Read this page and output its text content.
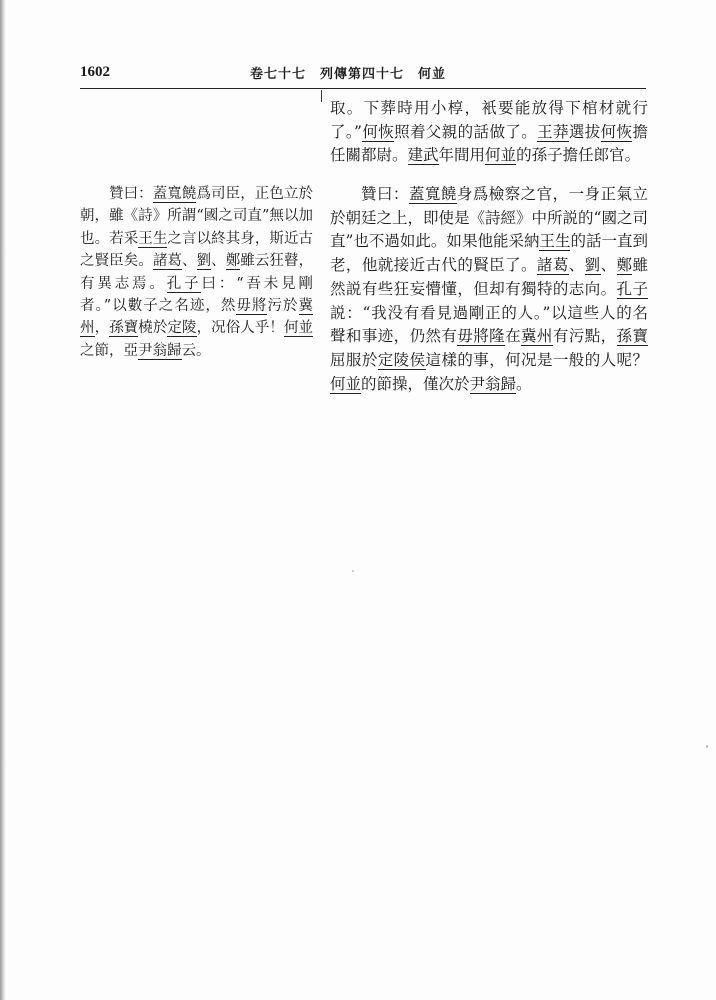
1602	卷七十七　列傳第四十七　何並

取。下葬時用小椁，衹要能放得下棺材就行了。”何恢照着父親的話做了。王莽選拔何恢擔任關都尉。建武年間用何並的孫子擔任郎官。

贊曰：蓋寬饒爲司臣，正色立於朝，雖《詩》所謂“國之司直”無以加也。若采王生之言以終其身，斯近古之賢臣矣。諸葛、劉、鄭雖云狂瞽，有異志焉。孔子曰：“吾未見剛者。”以數子之名迹，然毋將污於冀州，孫寶橈於定陵，况俗人乎！何並之節，亞尹翁歸云。

贊曰：蓋寬饒身爲檢察之官，一身正氣立於朝廷之上，即使是《詩經》中所説的“國之司直”也不過如此。如果他能采納王生的話一直到老，他就接近古代的賢臣了。諸葛、劉、鄭雖然説有些狂妄懵懂，但却有獨特的志向。孔子説：“我没有看見過剛正的人。”以這些人的名聲和事迹，仍然有毋將隆在冀州有污點，孫寶屈服於定陵侯這樣的事，何况是一般的人呢？何並的節操，僅次於尹翁歸。
